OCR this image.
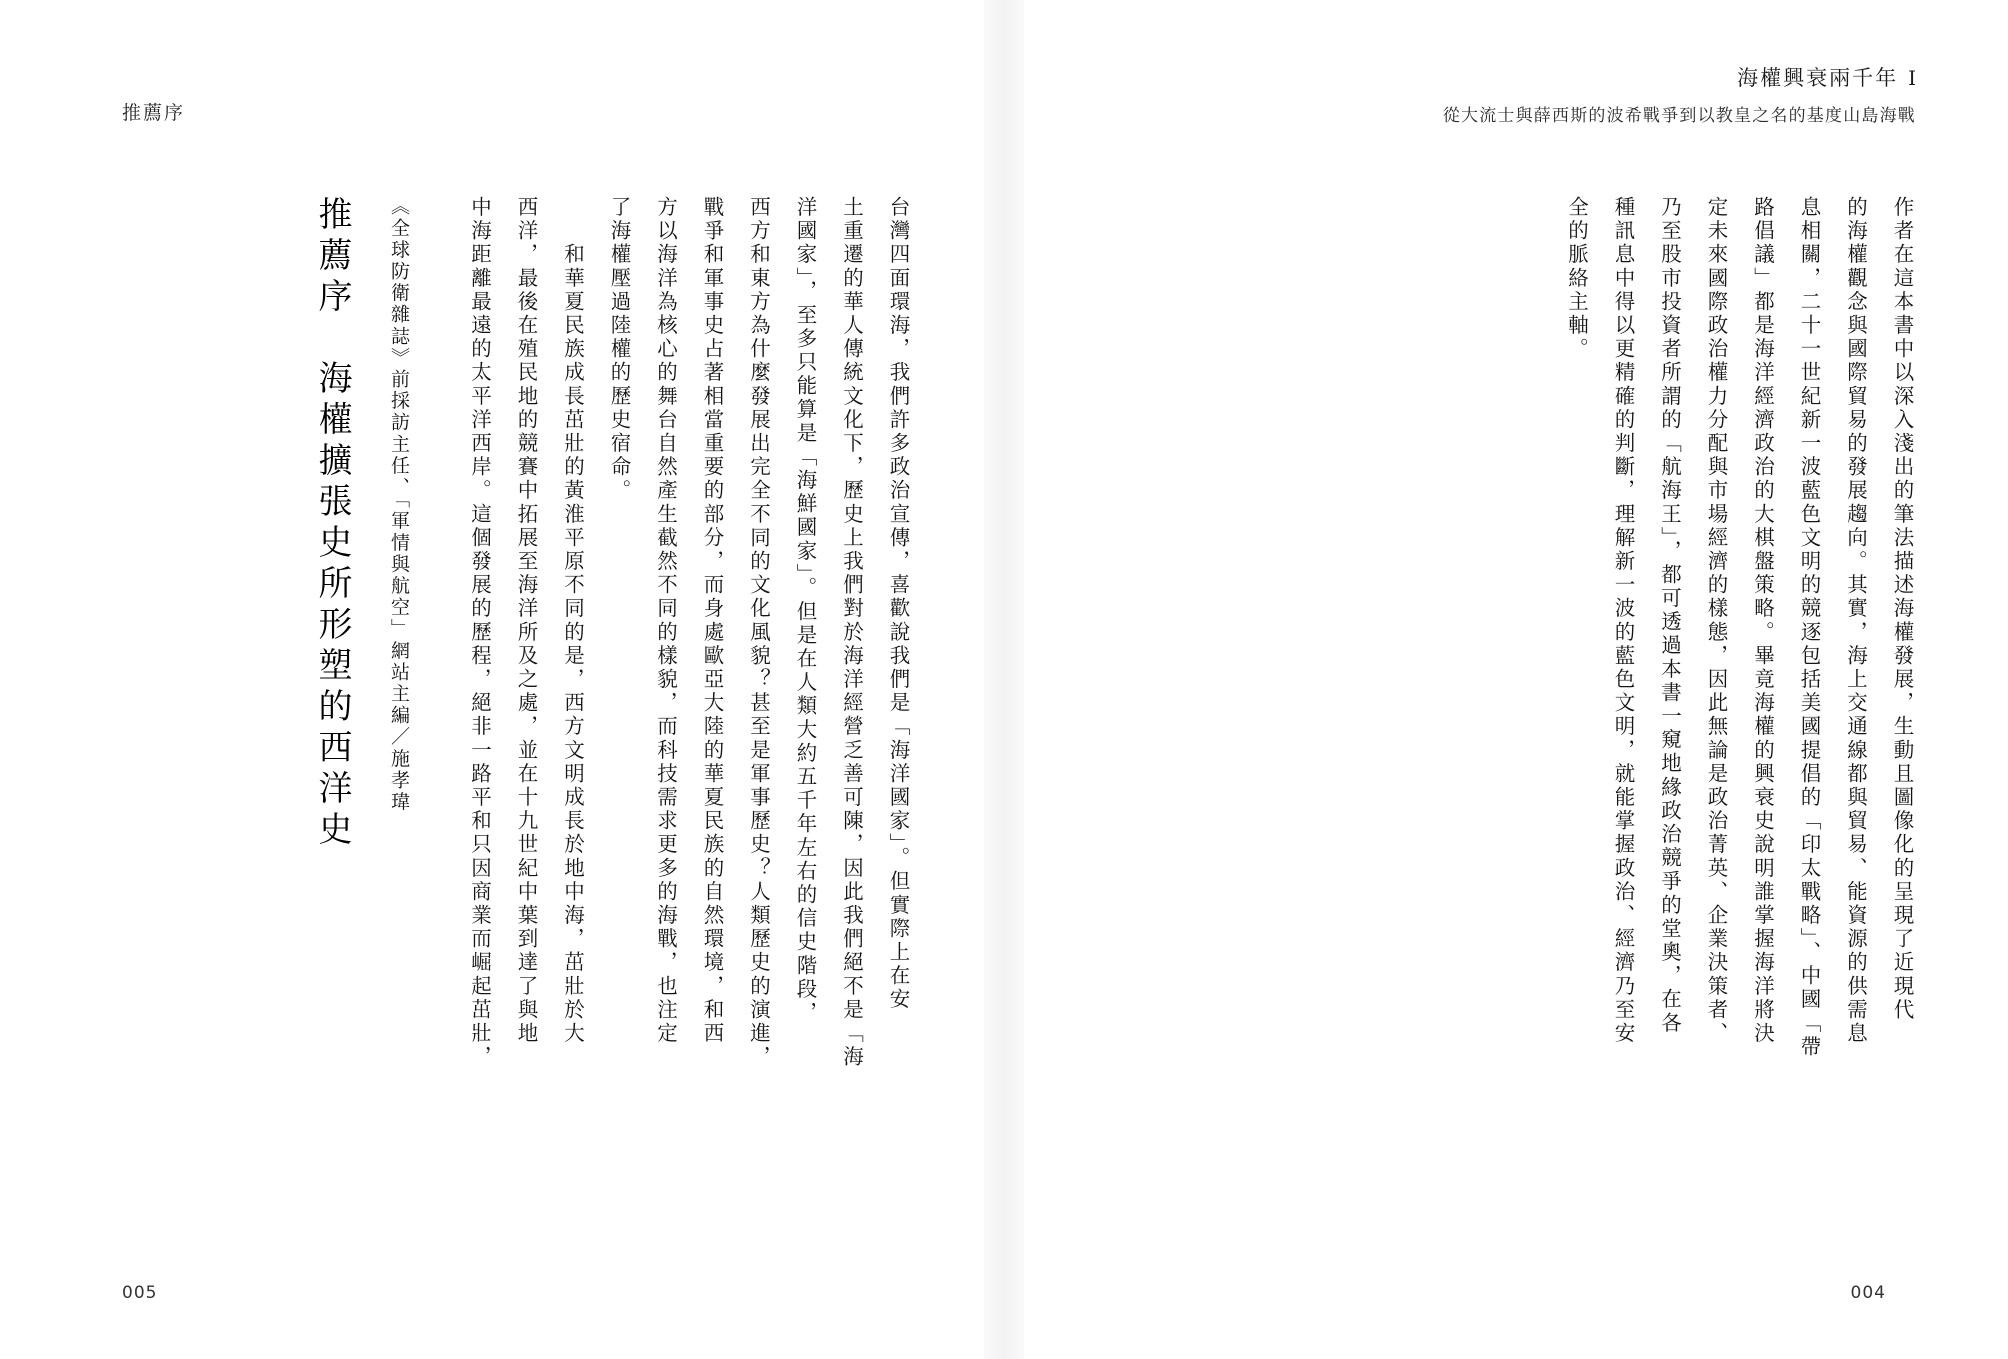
推薦序
台灣四面環海，我們許多政治宣傳，喜歡說我們是「海洋國家」。但實際上在安
土重遷的華人傳統文化下，歷史上我們對於海洋經營乏善可陳，因此我們絕不是「海
洋國家」，至多只能算是「海鮮國家」。但是在人類大約五千年左右的信史階段，
西方和東方為什麼發展出完全不同的文化風貌？甚至是軍事歷史？人類歷史的演進，
戰爭和軍事史占著相當重要的部分，而身處歐亞大陸的華夏民族的自然環境，和西
方以海洋為核心的舞台自然產生截然不同的樣貌，而科技需求更多的海戰，也注定
了海權壓過陸權的歷史宿命。
　　和華夏民族成長茁壯的黃淮平原不同的是，西方文明成長於地中海，茁壯於大
西洋，最後在殖民地的競賽中拓展至海洋所及之處，並在十九世紀中葉到達了與地
中海距離最遠的太平洋西岸。這個發展的歷程，絕非一路平和只因商業而崛起茁壯，
《全球防衛雜誌》前採訪主任、「軍情與航空」網站主編／施孝瑋
推薦序　海權擴張史所形塑的西洋史
005
海權興衰兩千年 Ⅰ
從大流士與薛西斯的波希戰爭到以教皇之名的基度山島海戰
作者在這本書中以深入淺出的筆法描述海權發展，生動且圖像化的呈現了近現代
的海權觀念與國際貿易的發展趨向。其實，海上交通線都與貿易、能資源的供需息
息相關，二十一世紀新一波藍色文明的競逐包括美國提倡的「印太戰略」、中國「帶
路倡議」都是海洋經濟政治的大棋盤策略。畢竟海權的興衰史說明誰掌握海洋將決
定未來國際政治權力分配與市場經濟的樣態，因此無論是政治菁英、企業決策者、
乃至股市投資者所謂的「航海王」，都可透過本書一窺地緣政治競爭的堂奧，在各
種訊息中得以更精確的判斷，理解新一波的藍色文明，就能掌握政治、經濟乃至安
全的脈絡主軸。
004
